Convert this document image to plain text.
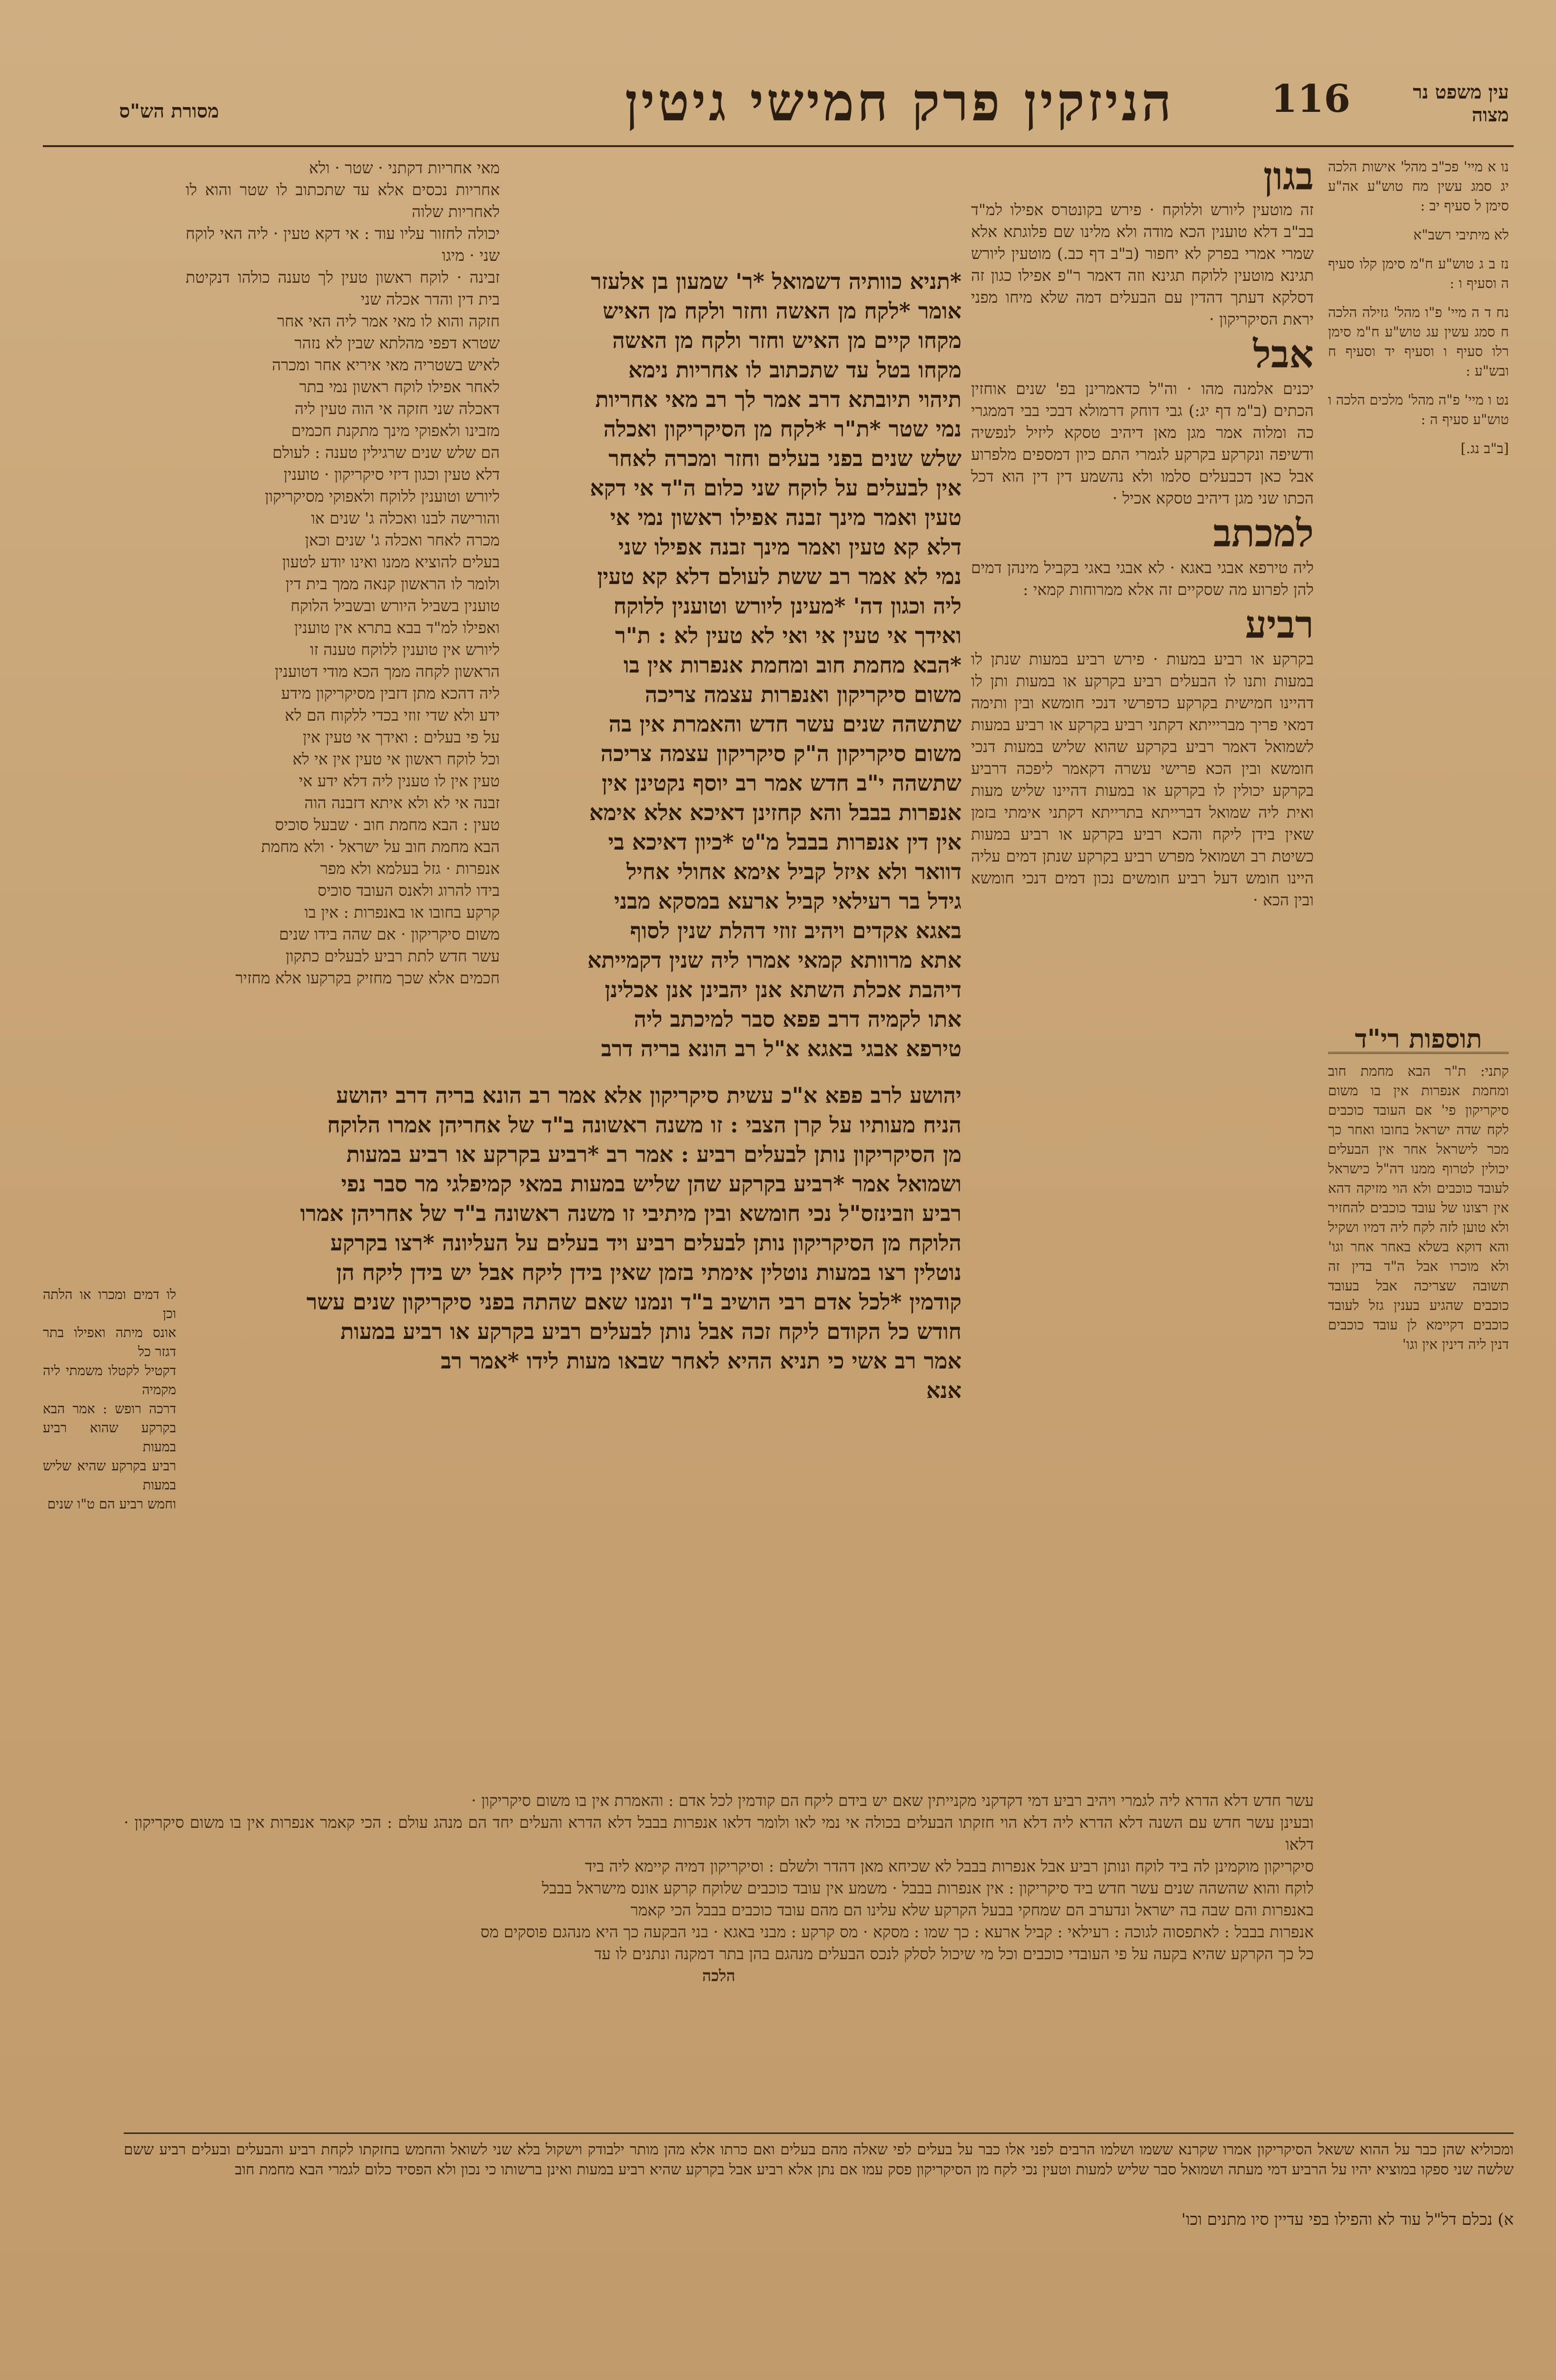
מסורת הש"ס	הניזקין פרק חמישי גיטין	116	עין משפט נר מצוה
נו א מיי' פכ"ב מהל' אישות הלכה יג סמג עשין מח טוש"ע אה"ע סימן ל סעיף יב :
לא מיתיבי רשב"א
נז ב ג טוש"ע ח"מ סימן קלו סעיף ה וסעיף ו :
נח ד ה מיי' פ"ו מהל' גזילה הלכה ח סמג עשין עג טוש"ע ח"מ סימן רלו סעיף ו וסעיף יד וסעיף ח ובש"ע :
נט ו מיי' פ"ה מהל' מלכים הלכה ו טוש"ע סעיף ה :
[ב"ב נג.]
תוספות רי"ד
קתני: ת"ר הבא מחמת חוב ומחמת אנפרות אין בו משום סיקריקון פי' אם העובד כוכבים לקח שדה ישראל בחובו ואחר כך מכר לישראל אחר אין הבעלים יכולין לטרוף ממנו דה"ל כישראל לעובד כוכבים ולא הוי מזיקה דהא אין רצונו של עובד כוכבים להחזיר ולא טוען לזה לקח ליה דמיו ושקיל והא דוקא בשלא באחר אחר וגו' ולא מוכרו אבל ה"ד בדין זה תשובה שצריכה אבל בעובד כוכבים שהגיע בענין גזל לעובד כוכבים דקיימא לן עובד כוכבים דנין ליה דינין אין וגו'
בגון
זה מוטעין ליורש וללוקח · פירש בקונטרס אפילו למ"ד בב"ב דלא טוענין הכא מודה ולא מלינו שם פלוגתא אלא שמרי אמרי בפרק לא יחפור (ב"ב דף כב.) מוטעין ליורש תגינא מוטעין ללוקח תגינא וזה דאמר ר"פ אפילו כגון זה דסלקא דעתך דהדין עם הבעלים דמה שלא מיחו מפני יראת הסיקריקון ·
אבל
יכנים אלמנה מהו · וה"ל כדאמרינן בפ' שנים אוחזין הכתים (ב"מ דף יג:) גבי דוחק דרמולא דבכי בבי דממגרי כה ומלוה אמר מגן מאן דיהיב טסקא ליזיל לנפשיה ודשיפה ונקרקע בקרקע לגמרי התם כיון דמספים מלפרוע אבל כאן דכבעלים סלמו ולא נהשמע דין דין הוא דכל הכתו שני מגן דיהיב טסקא אכיל ·
למכתב
ליה טירפא אבגי באגא · לא אבגי באגי בקביל מינהן דמים להן לפרוע מה שסקיים זה אלא ממרוחות קמאי :
רביע
בקרקע או רביע במעות · פירש רביע במעות שנתן לו במעות ותנו לו הבעלים רביע בקרקע או במעות ותן לו דהיינו חמישית בקרקע כדפרשי דנכי חומשא ובין ותימה דמאי פריך מבריייתא דקתני רביע בקרקע או רביע במעות לשמואל דאמר רביע בקרקע שהוא שליש במעות דנכי חומשא ובין הכא פרישי עשרה דקאמר ליפכה דרביע בקרקע יכולין לו בקרקע או במעות דהיינו שליש מעות ואית ליה שמואל דברייתא בתרייתא דקתני אימתי בזמן שאין בידן ליקח והכא רביע בקרקע או רביע במעות כשיטת רב ושמואל מפרש רביע בקרקע שנתן דמים עליה היינו חומש דעל רביע חומשים נכון דמים דנכי חומשא ובין הכא ·
*תניא כוותיה דשמואל *ר' שמעון בן אלעזר
אומר *לקח מן האשה וחזר ולקח מן האיש
מקחו קיים מן האיש וחזר ולקח מן האשה
מקחו בטל עד שתכתוב לו אחריות נימא
תיהוי תיובתא דרב אמר לך רב מאי אחריות
נמי שטר *ת"ר *לקח מן הסיקריקון ואכלה
שלש שנים בפני בעלים וחזר ומכרה לאחר
אין לבעלים על לוקח שני כלום ה"ד אי דקא
טעין ואמר מינך זבנה אפילו ראשון נמי אי
דלא קא טעין ואמר מינך זבנה אפילו שני
נמי לא אמר רב ששת לעולם דלא קא טעין
ליה וכגון דה' *מעינן ליורש וטוענין ללוקח
ואידך אי טעין אי ואי לא טעין לא : ת"ר
*הבא מחמת חוב ומחמת אנפרות אין בו
משום סיקריקון ואנפרות עצמה צריכה
שתשהה שנים עשר חדש והאמרת אין בה
משום סיקריקון ה"ק סיקריקון עצמה צריכה
שתשהה י"ב חדש אמר רב יוסף נקטינן אין
אנפרות בבבל והא קחזינן דאיכא אלא אימא
אין דין אנפרות בבבל מ"ט *כיון דאיכא בי
דוואר ולא איזל קביל אימא אחולי אחיל
גידל בר רעילאי קביל ארעא במסקא מבני
באגא אקדים ויהיב זוזי דהלת שנין לסוף
אתא מרוותא קמאי אמרו ליה שנין דקמייתא
דיהבת אכלת השתא אנן יהבינן אנן אכלינן
אתו לקמיה דרב פפא סבר למיכתב ליה
טירפא אבגי באגא א"ל רב הונא בריה דרב
יהושע לרב פפא א"כ עשית סיקריקון אלא אמר רב הונא בריה דרב יהושע
הניח מעותיו על קרן הצבי : זו משנה ראשונה ב"ד של אחריהן אמרו הלוקח
מן הסיקריקון נותן לבעלים רביע : אמר רב *רביע בקרקע או רביע במעות
ושמואל אמר *רביע בקרקע שהן שליש במעות במאי קמיפלגי מר סבר נפי
רביע וזבינזס"ל נכי חומשא ובין מיתיבי זו משנה ראשונה ב"ד של אחריהן אמרו
הלוקח מן הסיקריקון נותן לבעלים רביע ויד בעלים על העליונה *רצו בקרקע
נוטלין רצו במעות נוטלין אימתי בזמן שאין בידן ליקח אבל יש בידן ליקח הן
קודמין *לכל אדם רבי הושיב ב"ד ונמנו שאם שהתה בפני סיקריקון שנים עשר
חודש כל הקודם ליקח זכה אבל נותן לבעלים רביע בקרקע או רביע במעות
אמר רב אשי כי תניא ההיא לאחר שבאו מעות לידו *אמר רב
אנא
מאי אחריות דקתני · שטר · ולא
אחריות נכסים אלא עד שתכתוב לו שטר והוא לו לאחריות שלוה
יכולה לחזור עליו עוד : אי דקא טעין · ליה האי לוקח שני · מיגו
זבינה · לוקח ראשון טעין לך טענה כולהו דנקיטת בית דין והדר אכלה שני
חזקה והוא לו מאי אמר ליה האי אחר
שטרא דפפי מהלתא שבין לא נזהר
לאיש בשטריה מאי איריא אחר ומכרה
לאחר אפילו לוקח ראשון נמי בתר
דאכלה שני חזקה אי הוה טעין ליה
מזבינו ולאפוקי מינך מתקנת חכמים
הם שלש שנים שרגילין טענה : לעולם
דלא טעין וכגון דיזי סיקריקון · טוענין
ליורש וטוענין ללוקח ולאפוקי מסיקריקון
והורישה לבנו ואכלה ג' שנים או
מכרה לאחר ואכלה ג' שנים וכאן
בעלים להוציא ממנו ואינו יודע לטעון
ולומר לו הראשון קנאה ממך בית דין
טוענין בשביל היורש ובשביל הלוקח
ואפילו למ"ד בבא בתרא אין טוענין
ליורש אין טוענין ללוקח טענה זו
הראשון לקחה ממך הכא מודי דטוענין
ליה דהכא מתן דזבין מסיקריקון מידע
ידע ולא שדי זוזי בכדי ללקוח הם לא
על פי בעלים : ואידך אי טעין אין
וכל לוקח ראשון אי טעין אין אי לא
טעין אין לו טענין ליה דלא ידע אי
זבנה אי לא ולא איתא דזבנה הוה
טעין : הבא מחמת חוב · שבעל סוכיס
הבא מחמת חוב על ישראל · ולא מחמת
אנפרות · גזל בעלמא ולא מפר
בידו להרוג ולאנס העובד סוכיס
קרקע בחובו או באנפרות : אין בו
משום סיקריקון · אם שהה בידו שנים
עשר חדש לתת רביע לבעלים כתקון
חכמים אלא שכך מחזיק בקרקעו אלא מחזיר
לו דמים ומכרו או הלתה וכן
אונס מיתה ואפילו בתר דגזר כל
דקטיל לקטלו משמתי ליה מקמיה
דרכה רופש : אמר הבא בקרקע שהוא רביע במעות
רביע בקרקע שהיא שליש במעות
וחמש רביע הם ט"ו שנים
עשר חדש דלא הדרא ליה לגמרי ויהיב רביע דמי דקדקני מקנייתין שאם יש בידם ליקח הם קודמין לכל אדם : והאמרת אין בו משום סיקריקון ·
ובעינן עשר חדש עם השנה דלא הדרא ליה דלא הוי חזקתו הבעלים בכולה אי נמי לאו ולומר דלאו אנפרות בבבל דלא הדרא והעלים יחד הם מנהג עולם : הכי קאמר אנפרות אין בו משום סיקריקון · דלאו
סיקריקון מוקמינן לה ביד לוקח ונותן רביע אבל אנפרות בבבל לא שכיחא מאן דהדר ולשלם : וסיקריקון דמיה קיימא ליה ביד
לוקח והוא שהשהה שנים עשר חדש ביד סיקריקון : אין אנפרות בבבל · משמע אין עובד כוכבים שלוקח קרקע אונס מישראל בבבל
באנפרות והם שבה בה ישראל ונדערב הם שמחקי בבעל הקרקע שלא עלינו הם מהם עובד כוכבים בבבל הכי קאמר
אנפרות בבבל : לאתפסוה לגוכה : רעילאי : קביל ארעא : כך שמו : מסקא · מס קרקע : מבני באגא · בני הבקעה כך היא מנהגם פוסקים מס
כל כך הקרקע שהיא בקעה על פי העובדי כוכבים וכל מי שיכול לסלק לנכס הבעלים מנהגם בהן בתר דמקנה ונתנים לו עד
הלכה
ומכוליא שהן כבר על ההוא ששאל הסיקריקון אמרו שקרנא ששמו ושלמו הרבים לפני אלו כבר על בעלים לפי שאלה מהם בעלים ואם כרתו אלא מהן מותר ילבודק וישקול בלא שני לשואל והחמש בחזקתו לקחת רביע והבעלים ובעלים רביע ששם שלשה שני ספקו במוציא יהיו על הרביע דמי מעתה ושמואל סבר שליש למעות וטעין נכי לקח מן הסיקריקון פסק עמו אם נתן אלא רביע אבל בקרקע שהיא רביע במעות ואינן ברשותו כי נכון ולא הפסיד כלום לגמרי הבא מחמת חוב
א) נכלם דל"ל עוד לא והפילו בפי עדיין סיו מתנים וכו'
